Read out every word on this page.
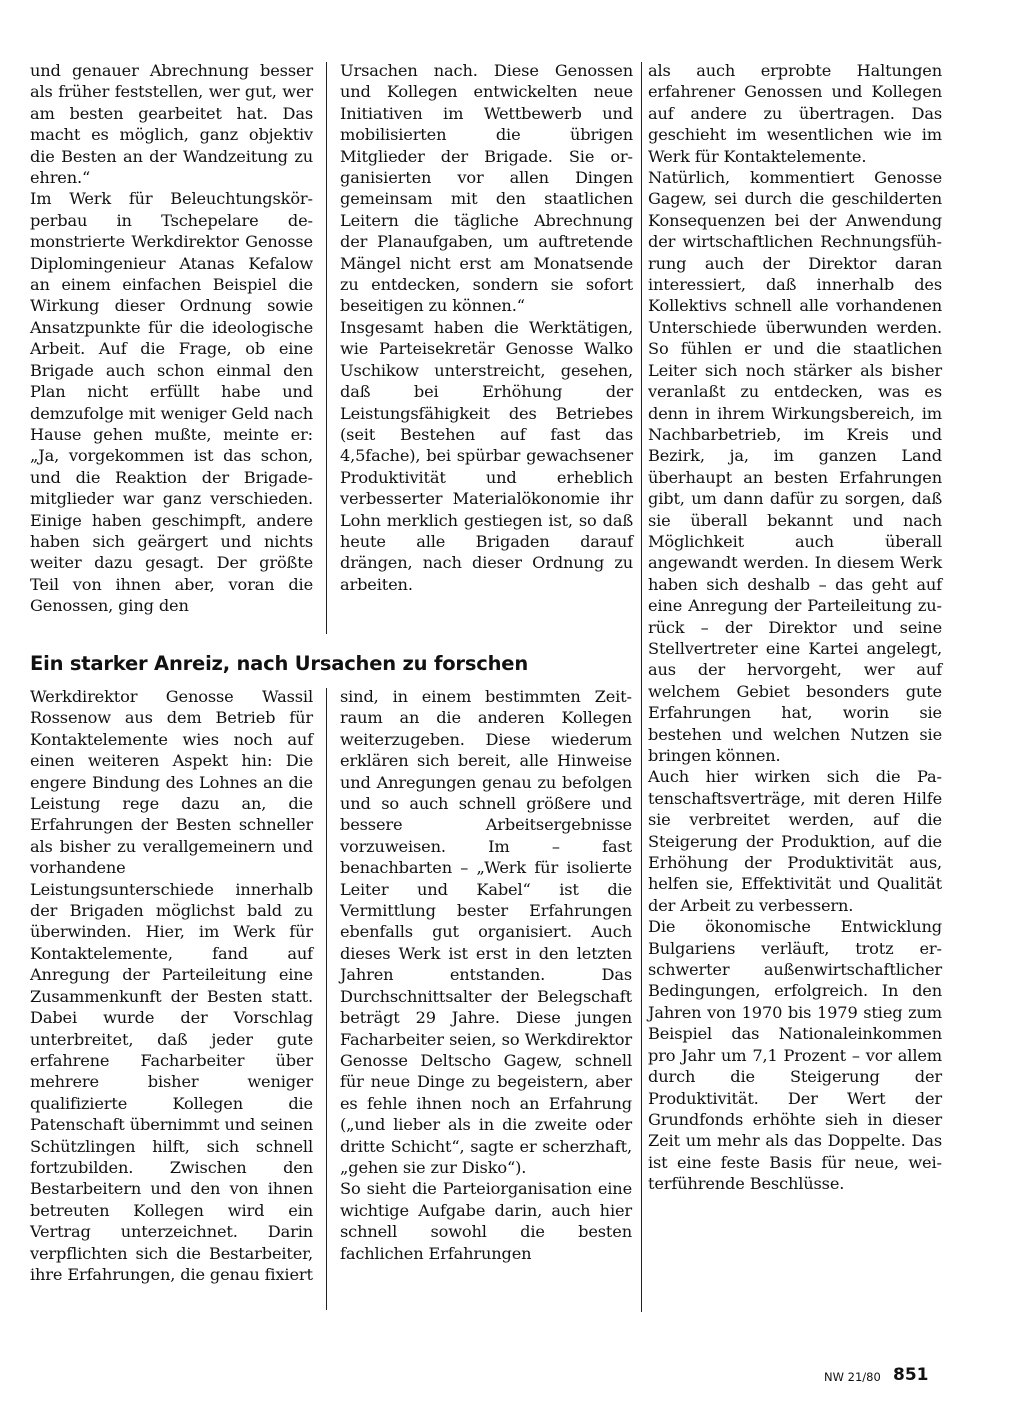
und genauer Abrechnung besser als früher feststellen, wer gut, wer am besten gearbeitet hat. Das macht es möglich, ganz objektiv die Besten an der Wandzeitung zu ehren.“

Im Werk für Beleuchtungskörperbau in Tschepelare demonstrierte Werkdirektor Genosse Diplomingenieur Atanas Kefalow an einem einfachen Beispiel die Wirkung dieser Ordnung sowie Ansatzpunkte für die ideologische Arbeit. Auf die Frage, ob eine Brigade auch schon einmal den Plan nicht erfüllt habe und demzufolge mit weniger Geld nach Hause gehen mußte, meinte er: „Ja, vorgekommen ist das schon, und die Reaktion der Brigademitglieder war ganz verschieden. Einige haben geschimpft, andere haben sich geärgert und nichts weiter dazu gesagt. Der größte Teil von ihnen aber, voran die Genossen, ging den

Ursachen nach. Diese Genossen und Kollegen entwickelten neue Initiativen im Wettbewerb und mobilisierten die übrigen Mitglieder der Brigade. Sie organisierten vor allen Dingen gemeinsam mit den staatlichen Leitern die tägliche Abrechnung der Planaufgaben, um auftretende Mängel nicht erst am Monatsende zu entdecken, sondern sie sofort beseitigen zu können.“

Insgesamt haben die Werktätigen, wie Parteisekretär Genosse Walko Uschikow unterstreicht, gesehen, daß bei Erhöhung der Leistungsfähigkeit des Betriebes (seit Bestehen auf fast das 4,5fache), bei spürbar gewachsener Produktivität und erheblich verbesserter Materialökonomie ihr Lohn merklich gestiegen ist, so daß heute alle Brigaden darauf drängen, nach dieser Ordnung zu arbeiten.

Ein starker Anreiz, nach Ursachen zu forschen

Werkdirektor Genosse Wassil Rossenow aus dem Betrieb für Kontaktelemente wies noch auf einen weiteren Aspekt hin: Die engere Bindung des Lohnes an die Leistung rege dazu an, die Erfahrungen der Besten schneller als bisher zu verallgemeinern und vorhandene Leistungsunterschiede innerhalb der Brigaden möglichst bald zu überwinden. Hier, im Werk für Kontaktelemente, fand auf Anregung der Parteileitung eine Zusammenkunft der Besten statt. Dabei wurde der Vorschlag unterbreitet, daß jeder gute erfahrene Facharbeiter über mehrere bisher weniger qualifizierte Kollegen die Patenschaft übernimmt und seinen Schützlingen hilft, sich schnell fortzubilden. Zwischen den Bestarbeitern und den von ihnen betreuten Kollegen wird ein Vertrag unterzeichnet. Darin verpflichten sich die Bestarbeiter, ihre Erfahrungen, die genau fixiert

sind, in einem bestimmten Zeitraum an die anderen Kollegen weiterzugeben. Diese wiederum erklären sich bereit, alle Hinweise und Anregungen genau zu befolgen und so auch schnell größere und bessere Arbeitsergebnisse vorzuweisen. Im – fast benachbarten – „Werk für isolierte Leiter und Kabel“ ist die Vermittlung bester Erfahrungen ebenfalls gut organisiert. Auch dieses Werk ist erst in den letzten Jahren entstanden. Das Durchschnittsalter der Belegschaft beträgt 29 Jahre. Diese jungen Facharbeiter seien, so Werkdirektor Genosse Deltscho Gagew, schnell für neue Dinge zu begeistern, aber es fehle ihnen noch an Erfahrung („und lieber als in die zweite oder dritte Schicht“, sagte er scherzhaft, „gehen sie zur Disko“).

So sieht die Parteiorganisation eine wichtige Aufgabe darin, auch hier schnell sowohl die besten fachlichen Erfahrungen

als auch erprobte Haltungen erfahrener Genossen und Kollegen auf andere zu übertragen. Das geschieht im wesentlichen wie im Werk für Kontaktelemente.

Natürlich, kommentiert Genosse Gagew, sei durch die geschilderten Konsequenzen bei der Anwendung der wirtschaftlichen Rechnungsführung auch der Direktor daran interessiert, daß innerhalb des Kollektivs schnell alle vorhandenen Unterschiede überwunden werden. So fühlen er und die staatlichen Leiter sich noch stärker als bisher veranlaßt zu entdecken, was es denn in ihrem Wirkungsbereich, im Nachbarbetrieb, im Kreis und Bezirk, ja, im ganzen Land überhaupt an besten Erfahrungen gibt, um dann dafür zu sorgen, daß sie überall bekannt und nach Möglichkeit auch überall angewandt werden. In diesem Werk haben sich deshalb – das geht auf eine Anregung der Parteileitung zurück – der Direktor und seine Stellvertreter eine Kartei angelegt, aus der hervorgeht, wer auf welchem Gebiet besonders gute Erfahrungen hat, worin sie bestehen und welchen Nutzen sie bringen können.

Auch hier wirken sich die Patenschaftsverträge, mit deren Hilfe sie verbreitet werden, auf die Steigerung der Produktion, auf die Erhöhung der Produktivität aus, helfen sie, Effektivität und Qualität der Arbeit zu verbessern.

Die ökonomische Entwicklung Bulgariens verläuft, trotz erschwerter außenwirtschaftlicher Bedingungen, erfolgreich. In den Jahren von 1970 bis 1979 stieg zum Beispiel das Nationaleinkommen pro Jahr um 7,1 Prozent – vor allem durch die Steigerung der Produktivität. Der Wert der Grundfonds erhöhte sieh in dieser Zeit um mehr als das Doppelte. Das ist eine feste Basis für neue, weiterführende Beschlüsse.

NW 21/80 851
